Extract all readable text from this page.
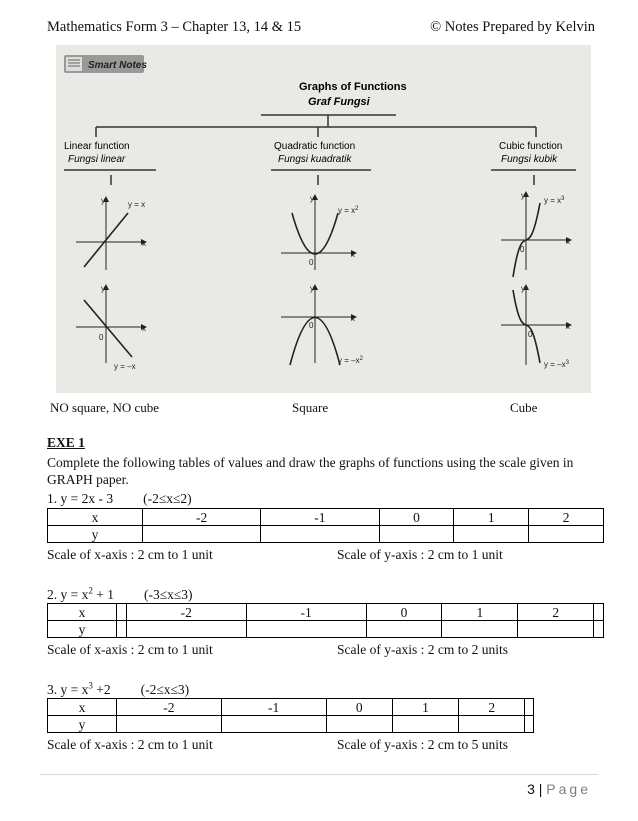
Mathematics Form 3 – Chapter 13, 14 & 15	© Notes Prepared by Kelvin
Smart Notes
Graphs of Functions
Graf Fungsi
Linear function
Fungsi linear
Quadratic function
Fungsi kuadratik
Cubic function
Fungsi kubik
x
y	y = x
x
y
0
y = –x
x
y
0
$y = x^2$
x
y
0
$y = -x^2$
x
y
0
$y = x^3$
x
y
0
$y = -x^3$
NO square, NO cube	Square	Cube
EXE 1
Complete the following tables of values and draw the graphs of functions using the scale given in GRAPH paper.
1. y = 2x - 3 (-2≤x≤2)
x	-2	-1	0	1	2
y					
Scale of x-axis : 2 cm to 1 unit	Scale of y-axis : 2 cm to 1 unit
2. $y = x^2 + 1$ (-3≤x≤3)
x		-2	-1	0	1	2	
y							
Scale of x-axis : 2 cm to 1 unit	Scale of y-axis : 2 cm to 2 units
3. $y = x^3 +2$ (-2≤x≤3)
x	-2	-1	0	1	2	
y						
Scale of x-axis : 2 cm to 1 unit	Scale of y-axis : 2 cm to 5 units
3 | Page
